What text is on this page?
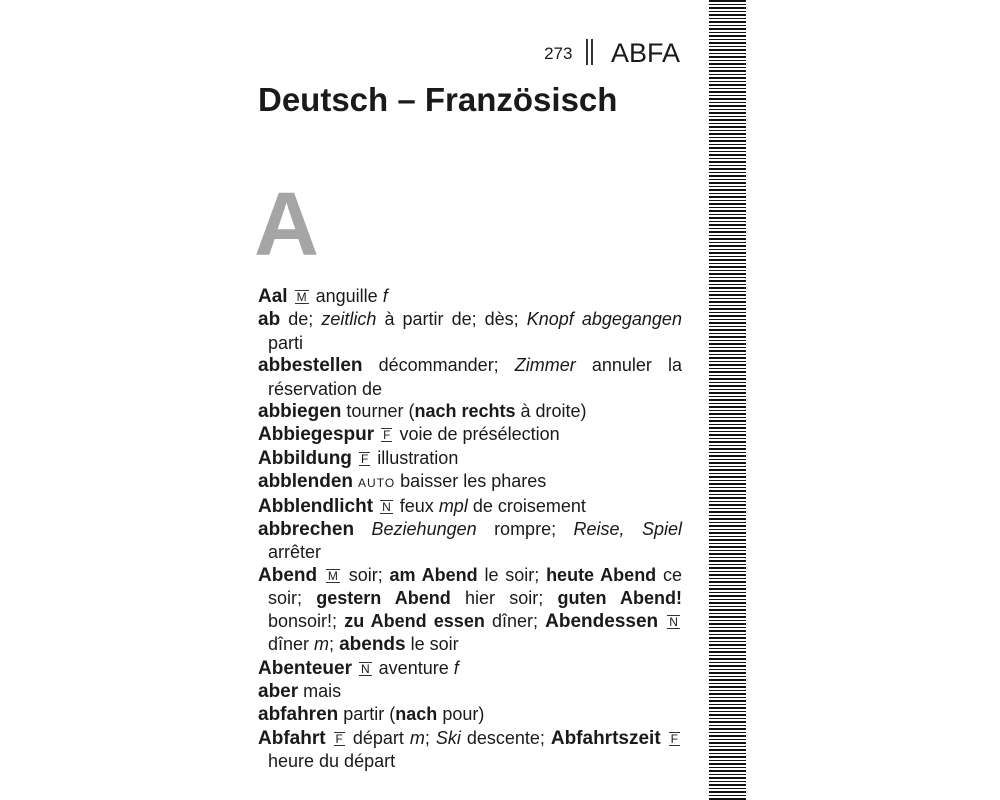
273 ABFA
Deutsch – Französisch
A
Aal M anguille f
ab de; zeitlich à partir de; dès; Knopf abgegangen parti
abbestellen décommander; Zimmer annuler la réservation de
abbiegen tourner (nach rechts à droite)
Abbiegespur F voie de présélection
Abbildung F illustration
abblenden AUTO baisser les phares
Abblendlicht N feux mpl de croisement
abbrechen Beziehungen rompre; Reise, Spiel arrêter
Abend M soir; am Abend le soir; heute Abend ce soir; gestern Abend hier soir; guten Abend! bonsoir!; zu Abend essen dîner; Abendessen N dîner m; abends le soir
Abenteuer N aventure f
aber mais
abfahren partir (nach pour)
Abfahrt F départ m; Ski descente; Abfahrtszeit F heure du départ
